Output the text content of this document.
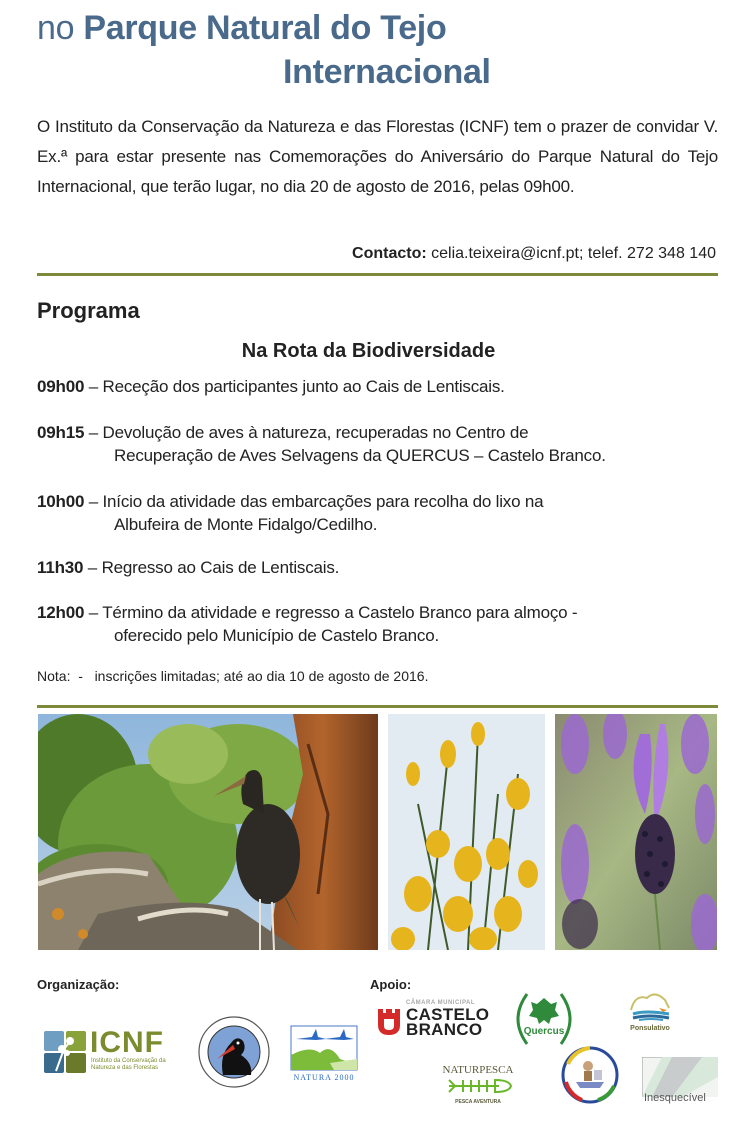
no Parque Natural do Tejo
Internacional
O Instituto da Conservação da Natureza e das Florestas (ICNF) tem o prazer de convidar V. Ex.ª para estar presente nas Comemorações do Aniversário do Parque Natural do Tejo Internacional, que terão lugar, no dia 20 de agosto de 2016, pelas 09h00.
Contacto: celia.teixeira@icnf.pt; telef. 272 348 140
Programa
Na Rota da Biodiversidade
09h00 – Receção dos participantes junto ao Cais de Lentiscais.
09h15 – Devolução de aves à natureza, recuperadas no Centro de
Recuperação de Aves Selvagens da QUERCUS – Castelo Branco.
10h00 – Início da atividade das embarcações para recolha do lixo na
Albufeira de Monte Fidalgo/Cedilho.
11h30 – Regresso ao Cais de Lentiscais.
12h00 – Término da atividade e regresso a Castelo Branco para almoço -
oferecido pelo Município de Castelo Branco.
Nota:  -   inscrições limitadas; até ao dia 10 de agosto de 2016.
Organização:	Apoio:
ICNF
Instituto da Conservação da Natureza e das Florestas
NATURA 2000
CÂMARA MUNICIPAL
CASTELO
BRANCO	Quercus	Ponsulativo
NATURPESCA
PESCA AVENTURA	Inesquecível
